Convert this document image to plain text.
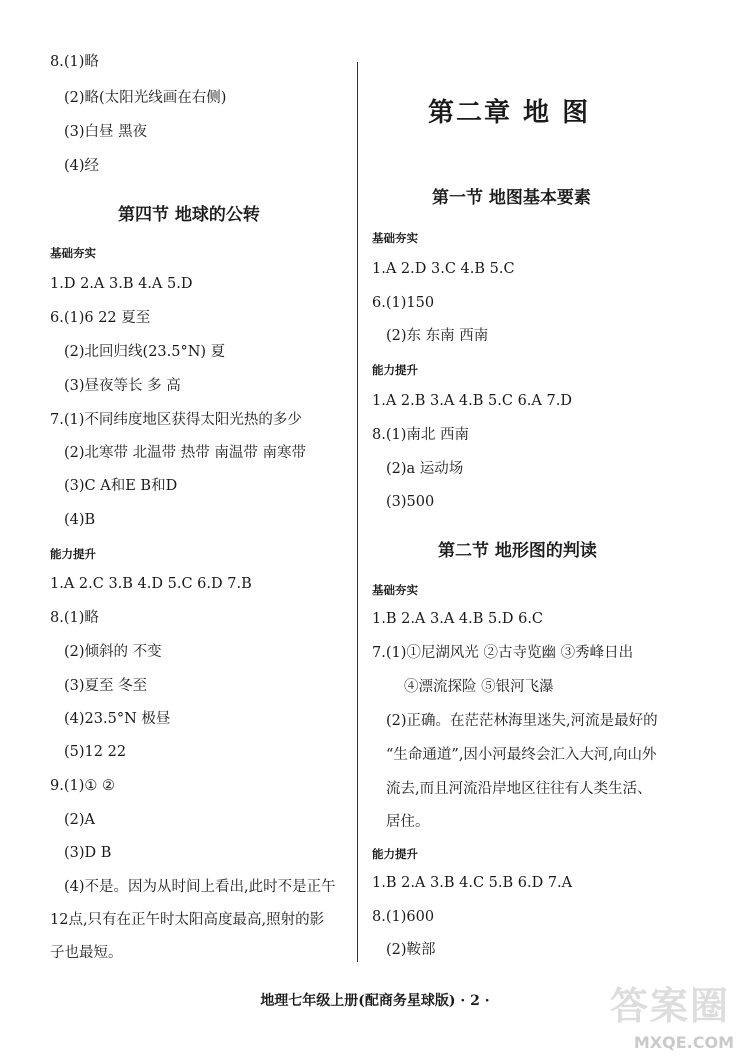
8.(1)略
(2)略(太阳光线画在右侧)
(3)白昼 黑夜
(4)经
第四节 地球的公转
基础夯实
1.D 2.A 3.B 4.A 5.D
6.(1)6 22 夏至
(2)北回归线(23.5°N) 夏
(3)昼夜等长 多 高
7.(1)不同纬度地区获得太阳光热的多少
(2)北寒带 北温带 热带 南温带 南寒带
(3)C A和E B和D
(4)B
能力提升
1.A 2.C 3.B 4.D 5.C 6.D 7.B
8.(1)略
(2)倾斜的 不变
(3)夏至 冬至
(4)23.5°N 极昼
(5)12 22
9.(1)① ②
(2)A
(3)D B
(4)不是。因为从时间上看出,此时不是正午
12点,只有在正午时太阳高度最高,照射的影
子也最短。
第二章 地 图
第一节 地图基本要素
基础夯实
1.A 2.D 3.C 4.B 5.C
6.(1)150
(2)东 东南 西南
能力提升
1.A 2.B 3.A 4.B 5.C 6.A 7.D
8.(1)南北 西南
(2)a 运动场
(3)500
第二节 地形图的判读
基础夯实
1.B 2.A 3.A 4.B 5.D 6.C
7.(1)①尼湖风光 ②古寺览幽 ③秀峰日出
④漂流探险 ⑤银河飞瀑
(2)正确。在茫茫林海里迷失,河流是最好的
“生命通道”,因小河最终会汇入大河,向山外
流去,而且河流沿岸地区往往有人类生活、
居住。
能力提升
1.B 2.A 3.B 4.C 5.B 6.D 7.A
8.(1)600
(2)鞍部
地理七年级上册(配商务星球版) · 2 ·	答案圈
MXQE.COM
